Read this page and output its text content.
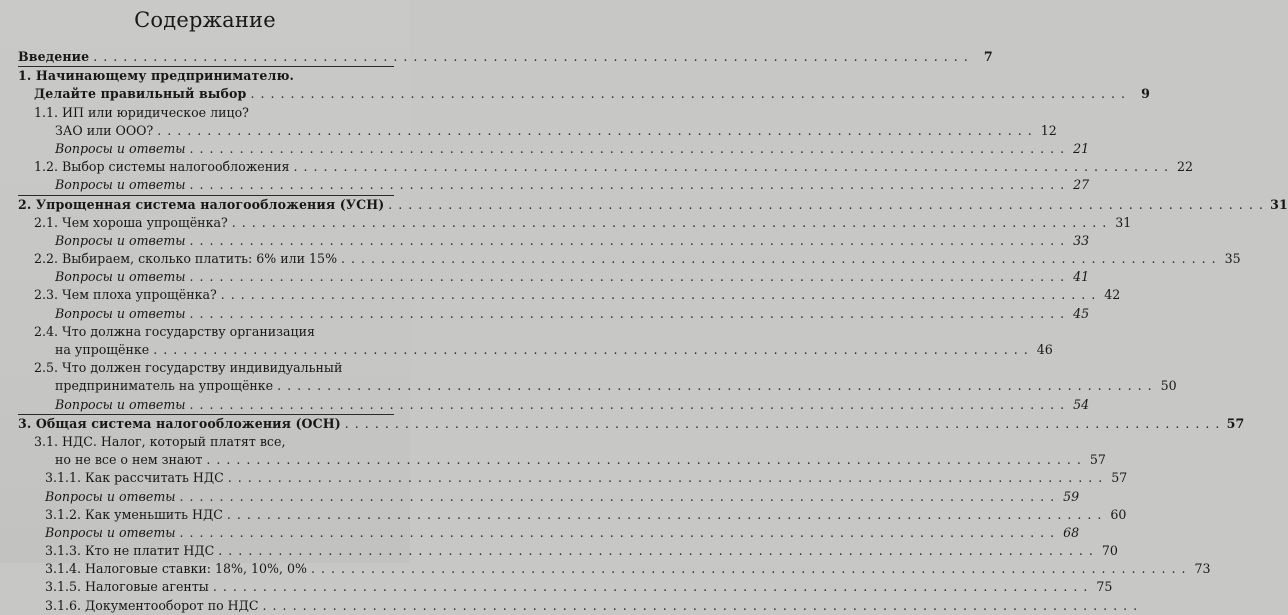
Содержание
Введение . . .	7
1. Начинающему предпринимателю.
Делайте правильный выбор . . .	9
1.1. ИП или юридическое лицо?
ЗАО или ООО? . . .	12
Вопросы и ответы . . .	21
1.2. Выбор системы налогообложения . . .	22
Вопросы и ответы . . .	27
2. Упрощенная система налогообложения (УСН) . . .	31
2.1. Чем хороша упрощёнка? . . .	31
Вопросы и ответы . . .	33
2.2. Выбираем, сколько платить: 6% или 15% . . .	35
Вопросы и ответы . . .	41
2.3. Чем плоха упрощёнка? . . .	42
Вопросы и ответы . . .	45
2.4. Что должна государству организация
на упрощёнке . . .	46
2.5. Что должен государству индивидуальный
предприниматель на упрощёнке . . .	50
Вопросы и ответы . . .	54
3. Общая система налогообложения (ОСН) . . .	57
3.1. НДС. Налог, который платят все,
но не все о нем знают . . .	57
3.1.1. Как рассчитать НДС . . .	57
Вопросы и ответы . . .	59
3.1.2. Как уменьшить НДС . . .	60
Вопросы и ответы . . .	68
3.1.3. Кто не платит НДС . . .	70
3.1.4. Налоговые ставки: 18%, 10%, 0% . . .	73
3.1.5. Налоговые агенты . . .	75
3.1.6. Документооборот по НДС
. . .
